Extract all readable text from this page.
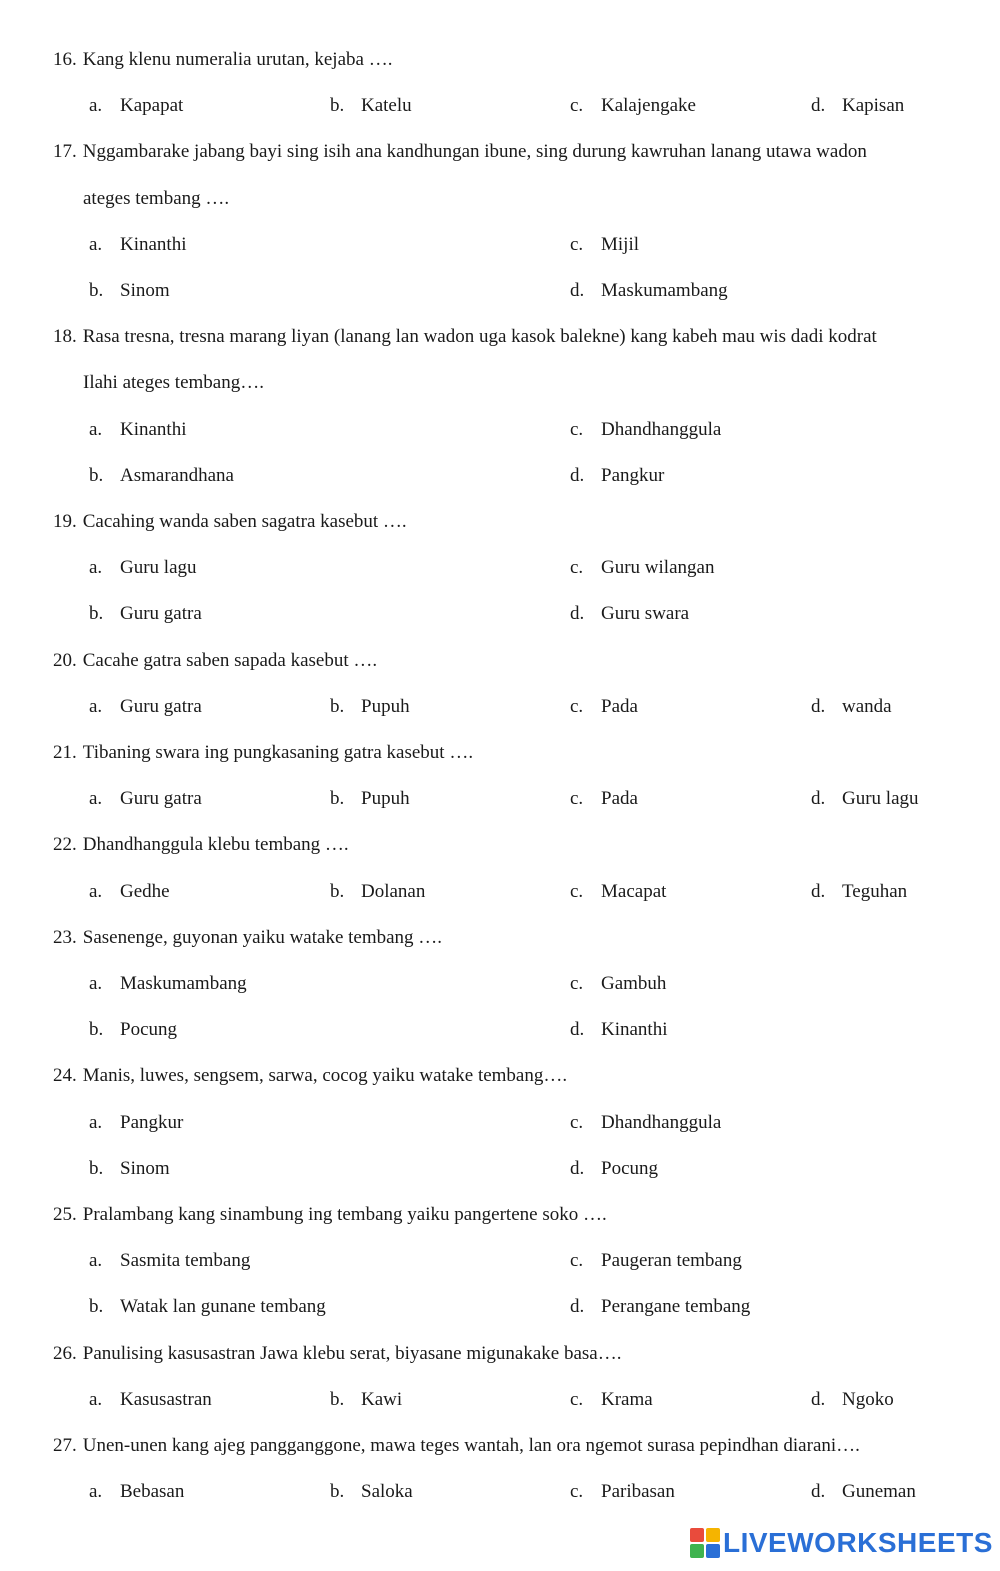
16. Kang klenu numeralia urutan, kejaba ….
a. Kapapat	b. Katelu	c. Kalajengake	d. Kapisan
17. Nggambarake jabang bayi sing isih ana kandhungan ibune, sing durung kawruhan lanang utawa wadon
ateges tembang ….
a. Kinanthi	c. Mijil
b. Sinom	d. Maskumambang
18. Rasa tresna, tresna marang liyan (lanang lan wadon uga kasok balekne) kang kabeh mau wis dadi kodrat
Ilahi ateges tembang….
a. Kinanthi	c. Dhandhanggula
b. Asmarandhana	d. Pangkur
19. Cacahing wanda saben sagatra kasebut ….
a. Guru lagu	c. Guru wilangan
b. Guru gatra	d. Guru swara
20. Cacahe gatra saben sapada kasebut ….
a. Guru gatra	b. Pupuh	c. Pada	d. wanda
21. Tibaning swara ing pungkasaning gatra kasebut ….
a. Guru gatra	b. Pupuh	c. Pada	d. Guru lagu
22. Dhandhanggula klebu tembang ….
a. Gedhe	b. Dolanan	c. Macapat	d. Teguhan
23. Sasenenge, guyonan yaiku watake tembang ….
a. Maskumambang	c. Gambuh
b. Pocung	d. Kinanthi
24. Manis, luwes, sengsem, sarwa, cocog yaiku watake tembang….
a. Pangkur	c. Dhandhanggula
b. Sinom	d. Pocung
25. Pralambang kang sinambung ing tembang yaiku pangertene soko ….
a. Sasmita tembang	c. Paugeran tembang
b. Watak lan gunane tembang	d. Perangane tembang
26. Panulising kasusastran Jawa klebu serat, biyasane migunakake basa….
a. Kasusastran	b. Kawi	c. Krama	d. Ngoko
27. Unen-unen kang ajeg pangganggone, mawa teges wantah, lan ora ngemot surasa pepindhan diarani….
a. Bebasan	b. Saloka	c. Paribasan	d. Guneman
LIVEWORKSHEETS
